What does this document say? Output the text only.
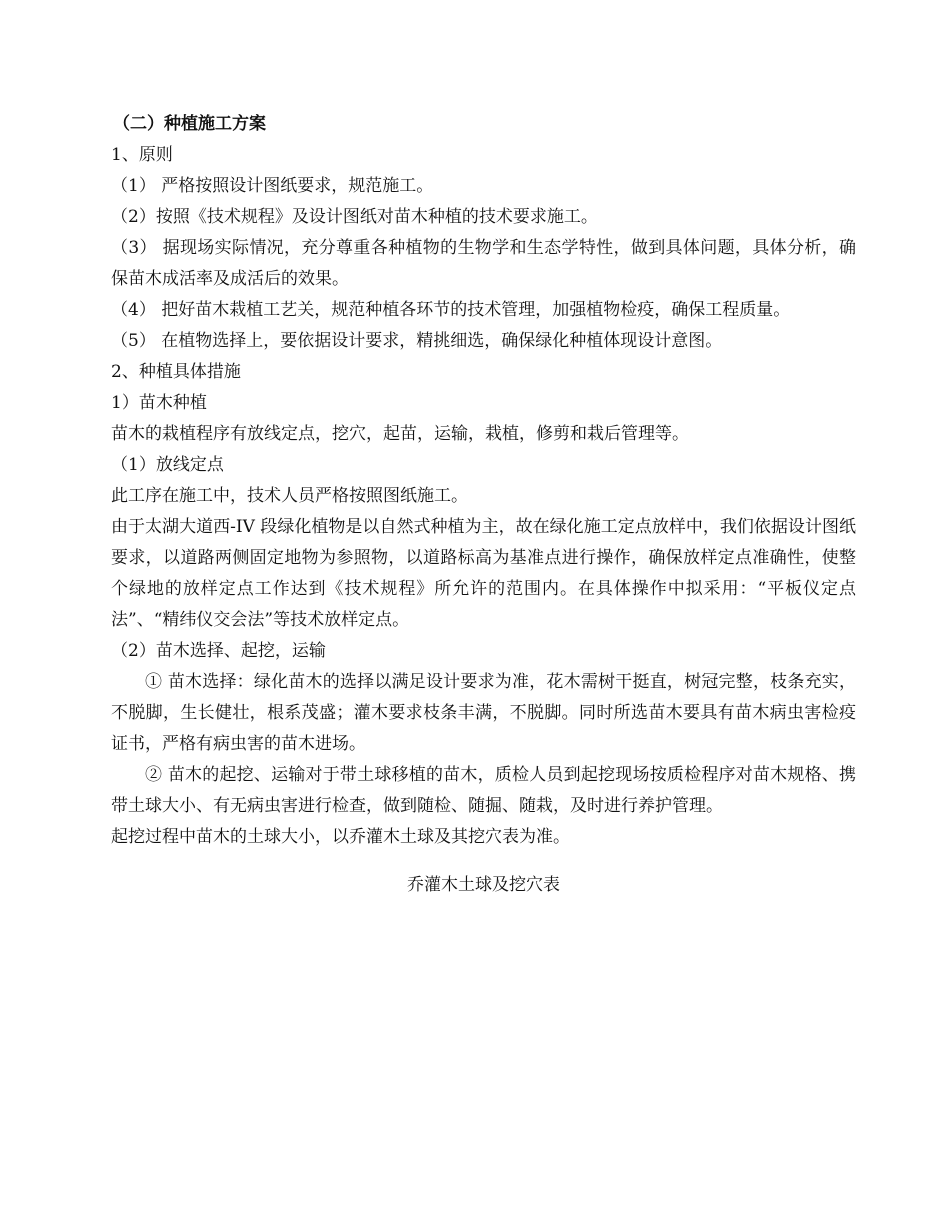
（二）种植施工方案

1、原则

（1） 严格按照设计图纸要求，规范施工。

（2）按照《技术规程》及设计图纸对苗木种植的技术要求施工。

（3） 据现场实际情况，充分尊重各种植物的生物学和生态学特性，做到具体问题，具体分析，确保苗木成活率及成活后的效果。

（4） 把好苗木栽植工艺关，规范种植各环节的技术管理，加强植物检疫，确保工程质量。

（5） 在植物选择上，要依据设计要求，精挑细选，确保绿化种植体现设计意图。

2、种植具体措施

1）苗木种植

苗木的栽植程序有放线定点，挖穴，起苗，运输，栽植，修剪和栽后管理等。

（1）放线定点

此工序在施工中，技术人员严格按照图纸施工。

由于太湖大道西-IV 段绿化植物是以自然式种植为主，故在绿化施工定点放样中，我们依据设计图纸要求，以道路两侧固定地物为参照物，以道路标高为基准点进行操作，确保放样定点准确性，使整个绿地的放样定点工作达到《技术规程》所允许的范围内。在具体操作中拟采用：“平板仪定点法”、“精纬仪交会法”等技术放样定点。

（2）苗木选择、起挖，运输

① 苗木选择：绿化苗木的选择以满足设计要求为准，花木需树干挺直，树冠完整，枝条充实，不脱脚，生长健壮，根系茂盛；灌木要求枝条丰满，不脱脚。同时所选苗木要具有苗木病虫害检疫证书，严格有病虫害的苗木进场。

② 苗木的起挖、运输对于带土球移植的苗木，质检人员到起挖现场按质检程序对苗木规格、携带土球大小、有无病虫害进行检查，做到随检、随掘、随栽，及时进行养护管理。

起挖过程中苗木的土球大小，以乔灌木土球及其挖穴表为准。

乔灌木土球及挖穴表
